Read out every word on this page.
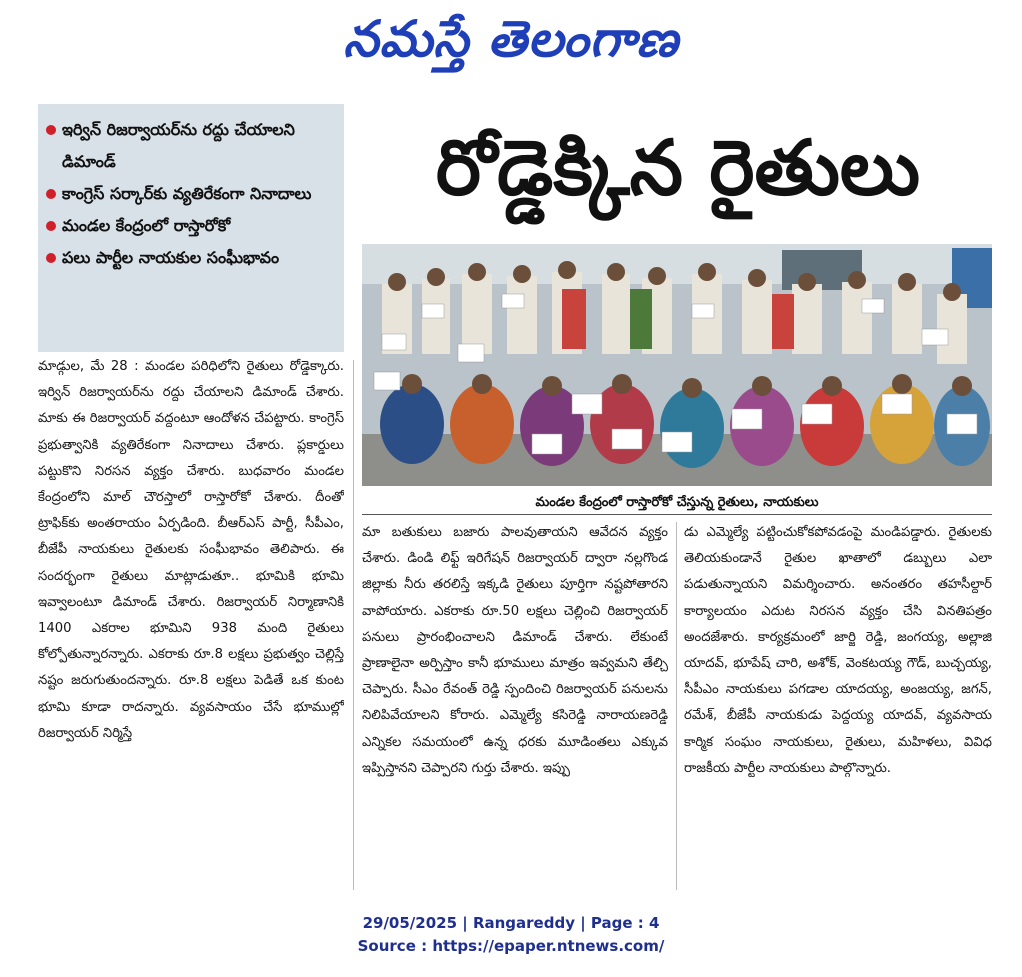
నమస్తే తెలంగాణ
ఇర్విన్ రిజర్వాయర్‌ను రద్దు చేయాలని డిమాండ్
కాంగ్రెస్ సర్కార్‌కు వ్యతిరేకంగా నినాదాలు
మండల కేంద్రంలో రాస్తారోకో
పలు పార్టీల నాయకుల సంఘీభావం
రోడ్డెక్కిన రైతులు
మండల కేంద్రంలో రాస్తారోకో చేస్తున్న రైతులు, నాయకులు
మాడ్గుల, మే 28 : మండల పరిధిలోని రైతులు రోడ్డెక్కారు. ఇర్విన్ రిజర్వాయర్‌ను రద్దు చేయాలని డిమాండ్ చేశారు. మాకు ఈ రిజర్వాయర్ వద్దంటూ ఆందోళన చేపట్టారు. కాంగ్రెస్ ప్రభుత్వానికి వ్యతిరేకంగా నినాదాలు చేశారు. ప్లకార్డులు పట్టుకొని నిరసన వ్యక్తం చేశారు. బుధవారం మండల కేంద్రంలోని మాల్ చౌరస్తాలో రాస్తారోకో చేశారు. దీంతో ట్రాఫిక్‌కు అంతరాయం ఏర్పడింది. బీఆర్ఎస్ పార్టీ, సీపీఎం, బీజేపీ నాయకులు రైతులకు సంఘీభావం తెలిపారు. ఈ సందర్భంగా రైతులు మాట్లాడుతూ.. భూమికి భూమి ఇవ్వాలంటూ డిమాండ్ చేశారు. రిజర్వాయర్ నిర్మాణానికి 1400 ఎకరాల భూమిని 938 మంది రైతులు కోల్పోతున్నారన్నారు. ఎకరాకు రూ.8 లక్షలు ప్రభుత్వం చెల్లిస్తే నష్టం జరుగుతుందన్నారు. రూ.8 లక్షలు పెడితే ఒక కుంట భూమి కూడా రాదన్నారు. వ్యవసాయం చేసే భూముల్లో రిజర్వాయర్ నిర్మిస్తే
మా బతుకులు బజారు పాలవుతాయని ఆవేదన వ్యక్తం చేశారు. డిండి లిఫ్ట్ ఇరిగేషన్ రిజర్వాయర్ ద్వారా నల్లగొండ జిల్లాకు నీరు తరలిస్తే ఇక్కడి రైతులు పూర్తిగా నష్టపోతారని వాపోయారు. ఎకరాకు రూ.50 లక్షలు చెల్లించి రిజర్వాయర్ పనులు ప్రారంభించాలని డిమాండ్ చేశారు. లేకుంటే ప్రాణాలైనా అర్పిస్తాం కానీ భూములు మాత్రం ఇవ్వమని తేల్చి చెప్పారు. సీఎం రేవంత్ రెడ్డి స్పందించి రిజర్వాయర్ పనులను నిలిపివేయాలని కోరారు. ఎమ్మెల్యే కసిరెడ్డి నారాయణరెడ్డి ఎన్నికల సమయంలో ఉన్న ధరకు మూడింతలు ఎక్కువ ఇప్పిస్తానని చెప్పారని గుర్తు చేశారు. ఇప్పు
డు ఎమ్మెల్యే పట్టించుకోకపోవడంపై మండిపడ్డారు. రైతులకు తెలియకుండానే రైతుల ఖాతాలో డబ్బులు ఎలా పడుతున్నాయని విమర్శించారు. అనంతరం తహసీల్దార్ కార్యాలయం ఎదుట నిరసన వ్యక్తం చేసి వినతిపత్రం అందజేశారు. కార్యక్రమంలో జార్జి రెడ్డి, జంగయ్య, అల్లాజి యాదవ్, భూపేష్ చారి, అశోక్, వెంకటయ్య గౌడ్, బుచ్చయ్య, సీపీఎం నాయకులు పగడాల యాదయ్య, అంజయ్య, జగన్, రమేశ్, బీజేపీ నాయకుడు పెద్దయ్య యాదవ్, వ్యవసాయ కార్మిక సంఘం నాయకులు, రైతులు, మహిళలు, వివిధ రాజకీయ పార్టీల నాయకులు పాల్గొన్నారు.
29/05/2025 | Rangareddy | Page : 4
Source : https://epaper.ntnews.com/
